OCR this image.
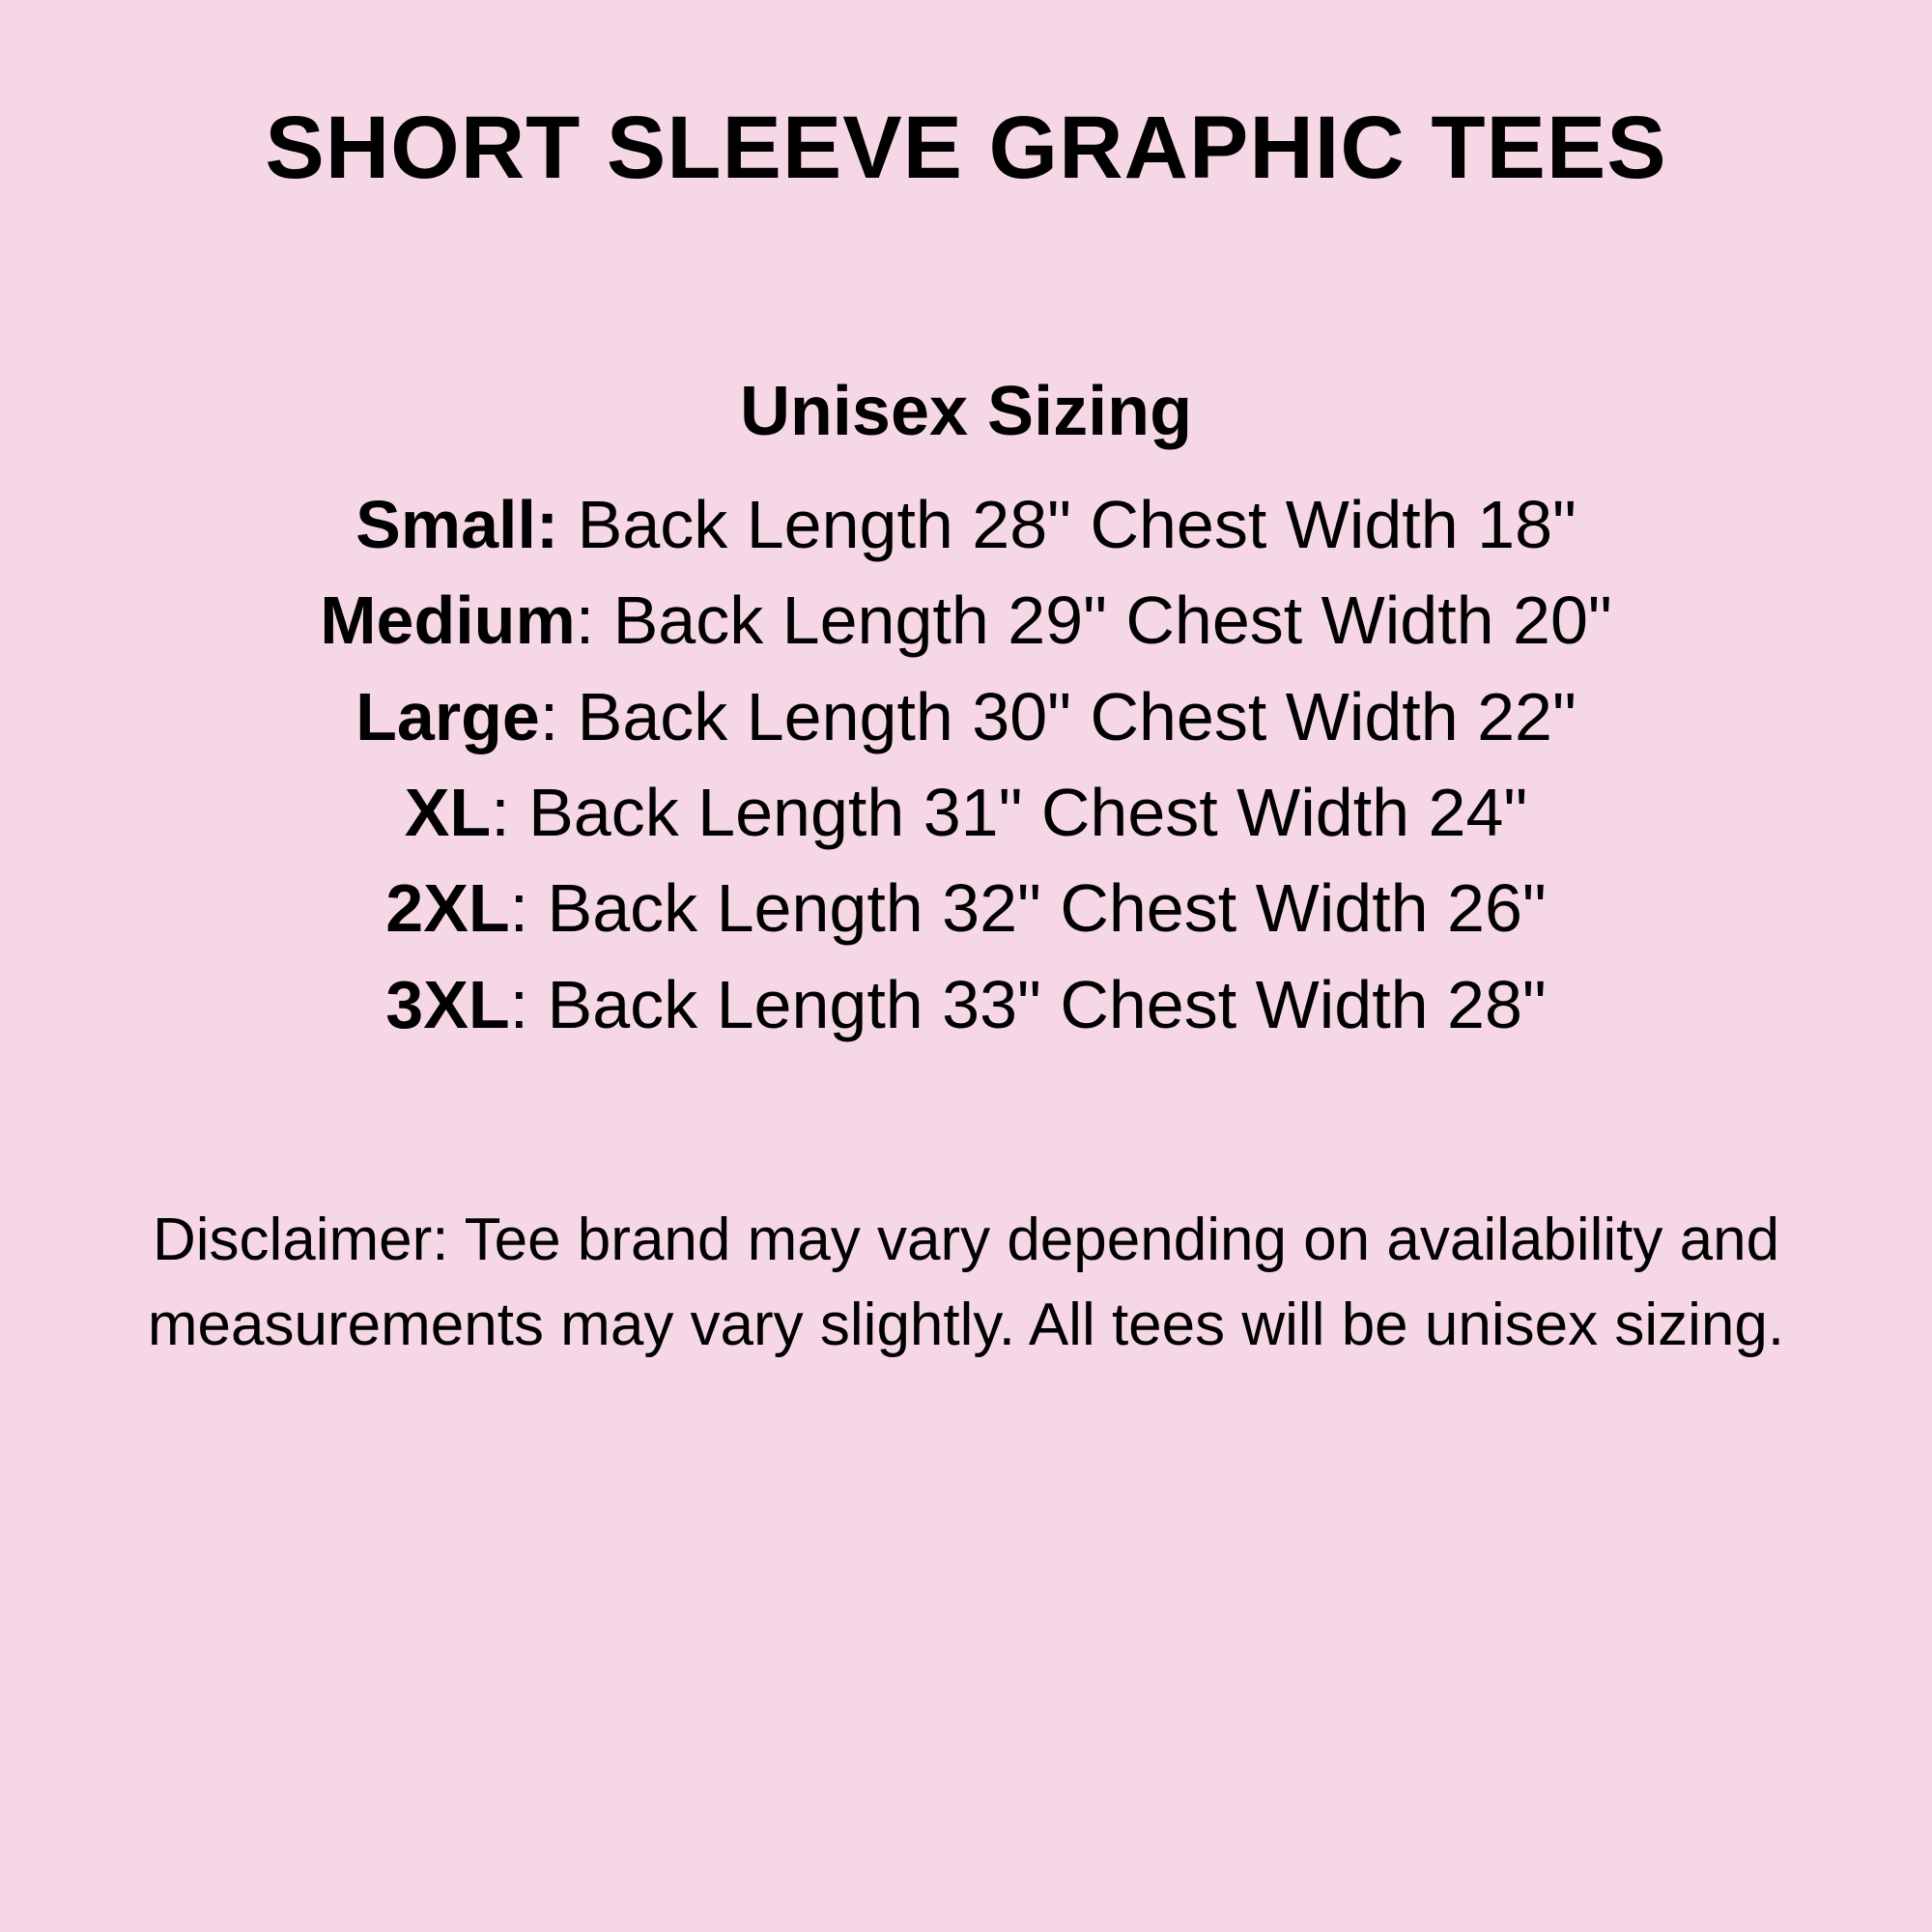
SHORT SLEEVE GRAPHIC TEES
Unisex Sizing
Small: Back Length 28" Chest Width 18"
Medium: Back Length 29" Chest Width 20"
Large: Back Length 30" Chest Width 22"
XL: Back Length 31" Chest Width 24"
2XL: Back Length 32" Chest Width 26"
3XL: Back Length 33" Chest Width 28"

Disclaimer: Tee brand may vary depending on availability and measurements may vary slightly. All tees will be unisex sizing.
